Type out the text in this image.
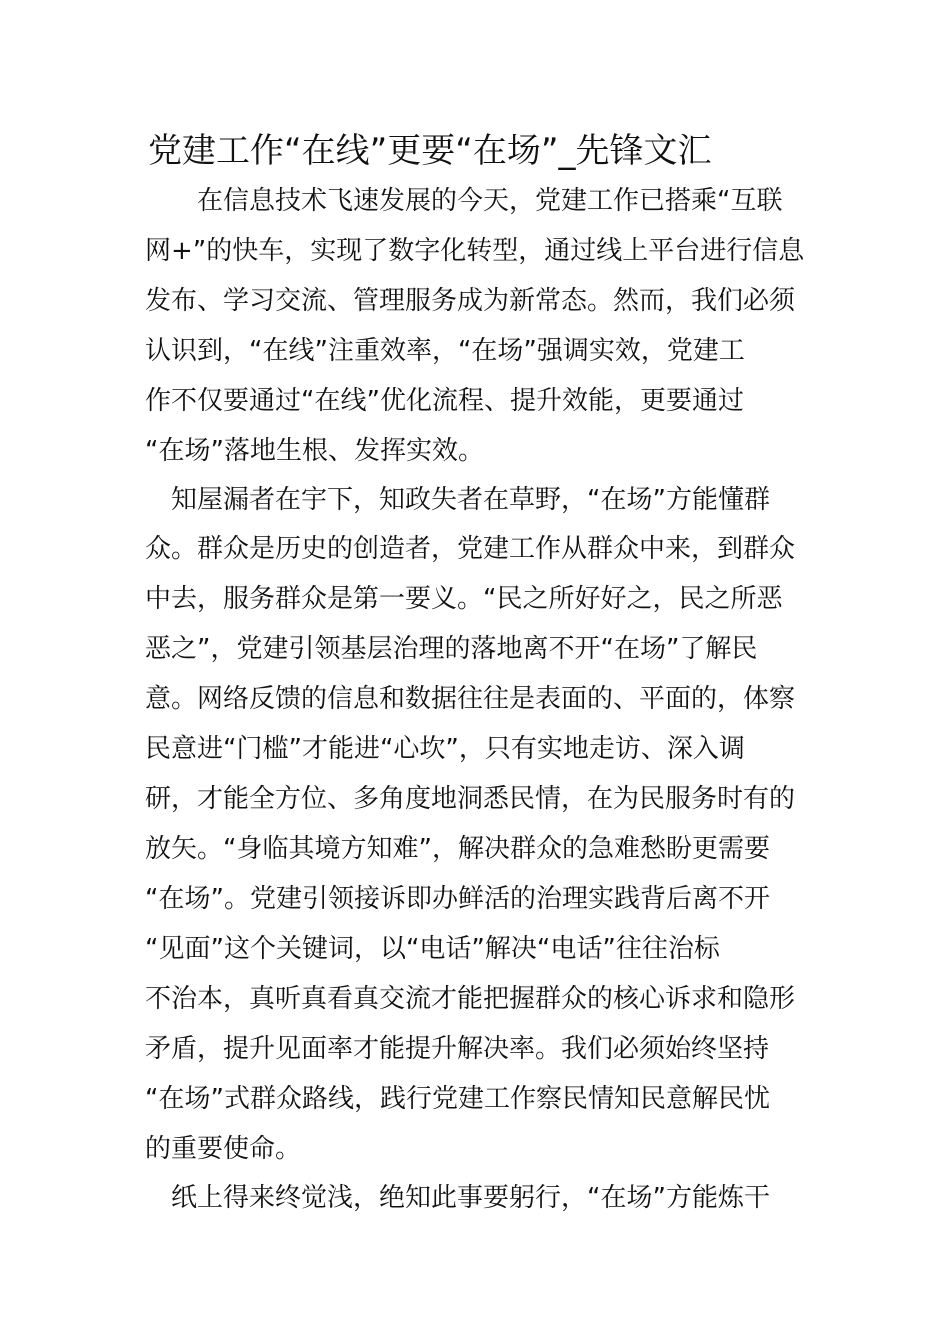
党建工作“在线”更要“在场”_先锋文汇
　　在信息技术飞速发展的今天，党建工作已搭乘“互联
网+”的快车，实现了数字化转型，通过线上平台进行信息
发布、学习交流、管理服务成为新常态。然而，我们必须
认识到，“在线”注重效率，“在场”强调实效，党建工
作不仅要通过“在线”优化流程、提升效能，更要通过
“在场”落地生根、发挥实效。
　知屋漏者在宇下，知政失者在草野，“在场”方能懂群
众。群众是历史的创造者，党建工作从群众中来，到群众
中去，服务群众是第一要义。“民之所好好之，民之所恶
恶之”，党建引领基层治理的落地离不开“在场”了解民
意。网络反馈的信息和数据往往是表面的、平面的，体察
民意进“门槛”才能进“心坎”，只有实地走访、深入调
研，才能全方位、多角度地洞悉民情，在为民服务时有的
放矢。“身临其境方知难”，解决群众的急难愁盼更需要
“在场”。党建引领接诉即办鲜活的治理实践背后离不开
“见面”这个关键词，以“电话”解决“电话”往往治标
不治本，真听真看真交流才能把握群众的核心诉求和隐形
矛盾，提升见面率才能提升解决率。我们必须始终坚持
“在场”式群众路线，践行党建工作察民情知民意解民忧
的重要使命。
　纸上得来终觉浅，绝知此事要躬行，“在场”方能炼干
